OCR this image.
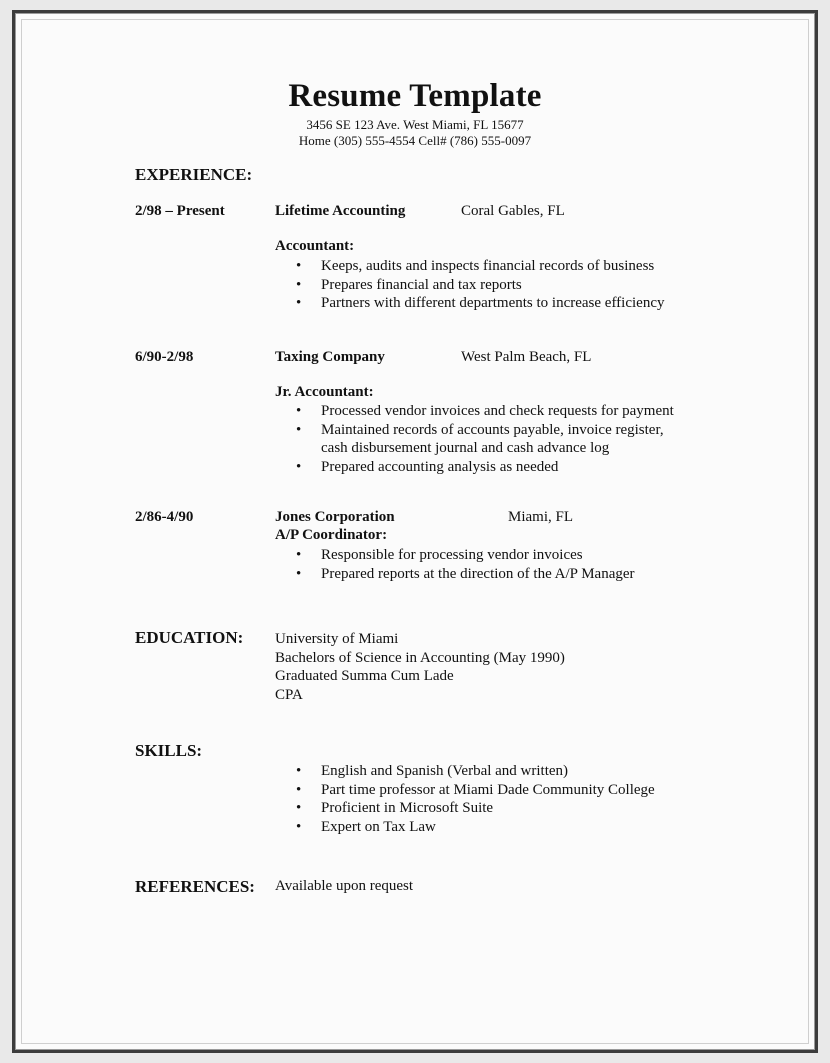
Resume Template
3456 SE 123 Ave. West Miami, FL 15677
Home (305) 555-4554 Cell# (786) 555-0097
EXPERIENCE:
2/98 – Present	Lifetime Accounting	Coral Gables, FL
Accountant:
• Keeps, audits and inspects financial records of business
• Prepares financial and tax reports
• Partners with different departments to increase efficiency
6/90-2/98	Taxing Company	West Palm Beach, FL
Jr. Accountant:
• Processed vendor invoices and check requests for payment
• Maintained records of accounts payable, invoice register, cash disbursement journal and cash advance log
• Prepared accounting analysis as needed
2/86-4/90	Jones Corporation	Miami, FL
A/P Coordinator:
• Responsible for processing vendor invoices
• Prepared reports at the direction of the A/P Manager
EDUCATION: University of Miami
Bachelors of Science in Accounting (May 1990)
Graduated Summa Cum Lade
CPA
SKILLS:
• English and Spanish (Verbal and written)
• Part time professor at Miami Dade Community College
• Proficient in Microsoft Suite
• Expert on Tax Law
REFERENCES: Available upon request
